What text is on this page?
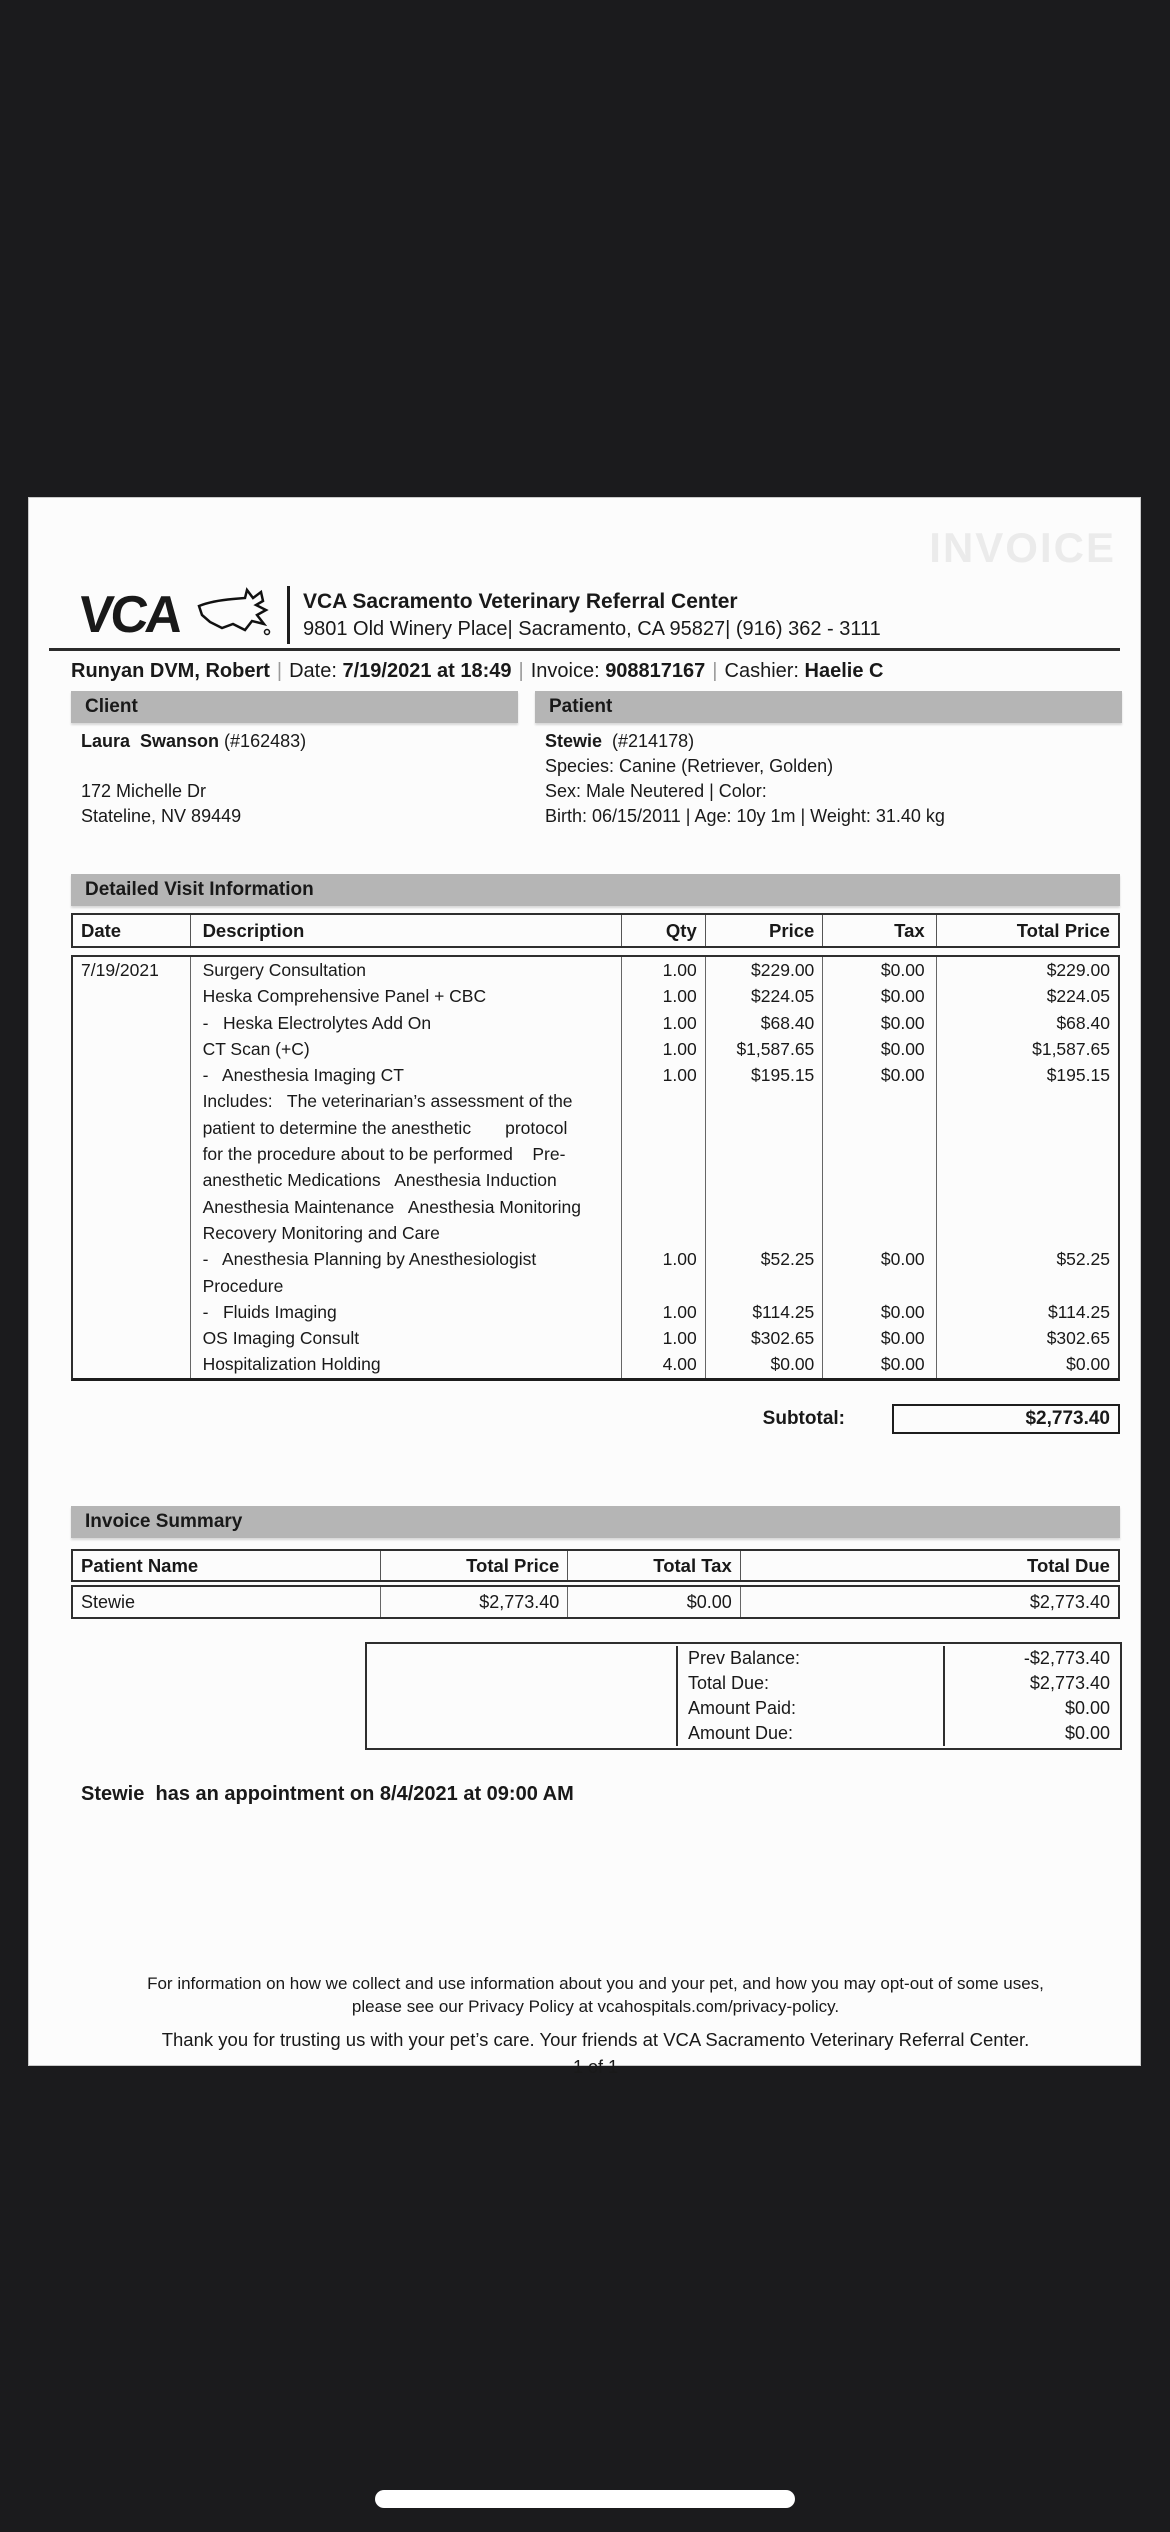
INVOICE
VCA	VCA Sacramento Veterinary Referral Center
9801 Old Winery Place| Sacramento, CA 95827| (916) 362 - 3111
Runyan DVM, Robert | Date: 7/19/2021 at 18:49 | Invoice: 908817167 | Cashier: Haelie C
Client
Laura  Swanson (#162483)
172 Michelle Dr
Stateline, NV 89449
Patient
Stewie  (#214178)
Species: Canine (Retriever, Golden)
Sex: Male Neutered | Color:
Birth: 06/15/2011 | Age: 10y 1m | Weight: 31.40 kg
Detailed Visit Information
Date	Description	Qty	Price	Tax	Total Price
7/19/2021	Surgery Consultation	1.00	$229.00	$0.00	$229.00
Heska Comprehensive Panel + CBC	1.00	$224.05	$0.00	$224.05
-   Heska Electrolytes Add On	1.00	$68.40	$0.00	$68.40
CT Scan (+C)	1.00	$1,587.65	$0.00	$1,587.65
-   Anesthesia Imaging CT	1.00	$195.15	$0.00	$195.15
Includes:   The veterinarian’s assessment of the
patient to determine the anesthetic       protocol
for the procedure about to be performed    Pre-
anesthetic Medications   Anesthesia Induction
Anesthesia Maintenance   Anesthesia Monitoring
Recovery Monitoring and Care
-   Anesthesia Planning by Anesthesiologist	1.00	$52.25	$0.00	$52.25
Procedure
-   Fluids Imaging	1.00	$114.25	$0.00	$114.25
OS Imaging Consult	1.00	$302.65	$0.00	$302.65
Hospitalization Holding	4.00	$0.00	$0.00	$0.00
Subtotal:	$2,773.40
Invoice Summary
Patient Name	Total Price	Total Tax	Total Due
Stewie	$2,773.40	$0.00	$2,773.40
Prev Balance:	-$2,773.40
Total Due:	$2,773.40
Amount Paid:	$0.00
Amount Due:	$0.00
Stewie  has an appointment on 8/4/2021 at 09:00 AM
For information on how we collect and use information about you and your pet, and how you may opt-out of some uses,
please see our Privacy Policy at vcahospitals.com/privacy-policy.
Thank you for trusting us with your pet’s care. Your friends at VCA Sacramento Veterinary Referral Center.
1 of 1
